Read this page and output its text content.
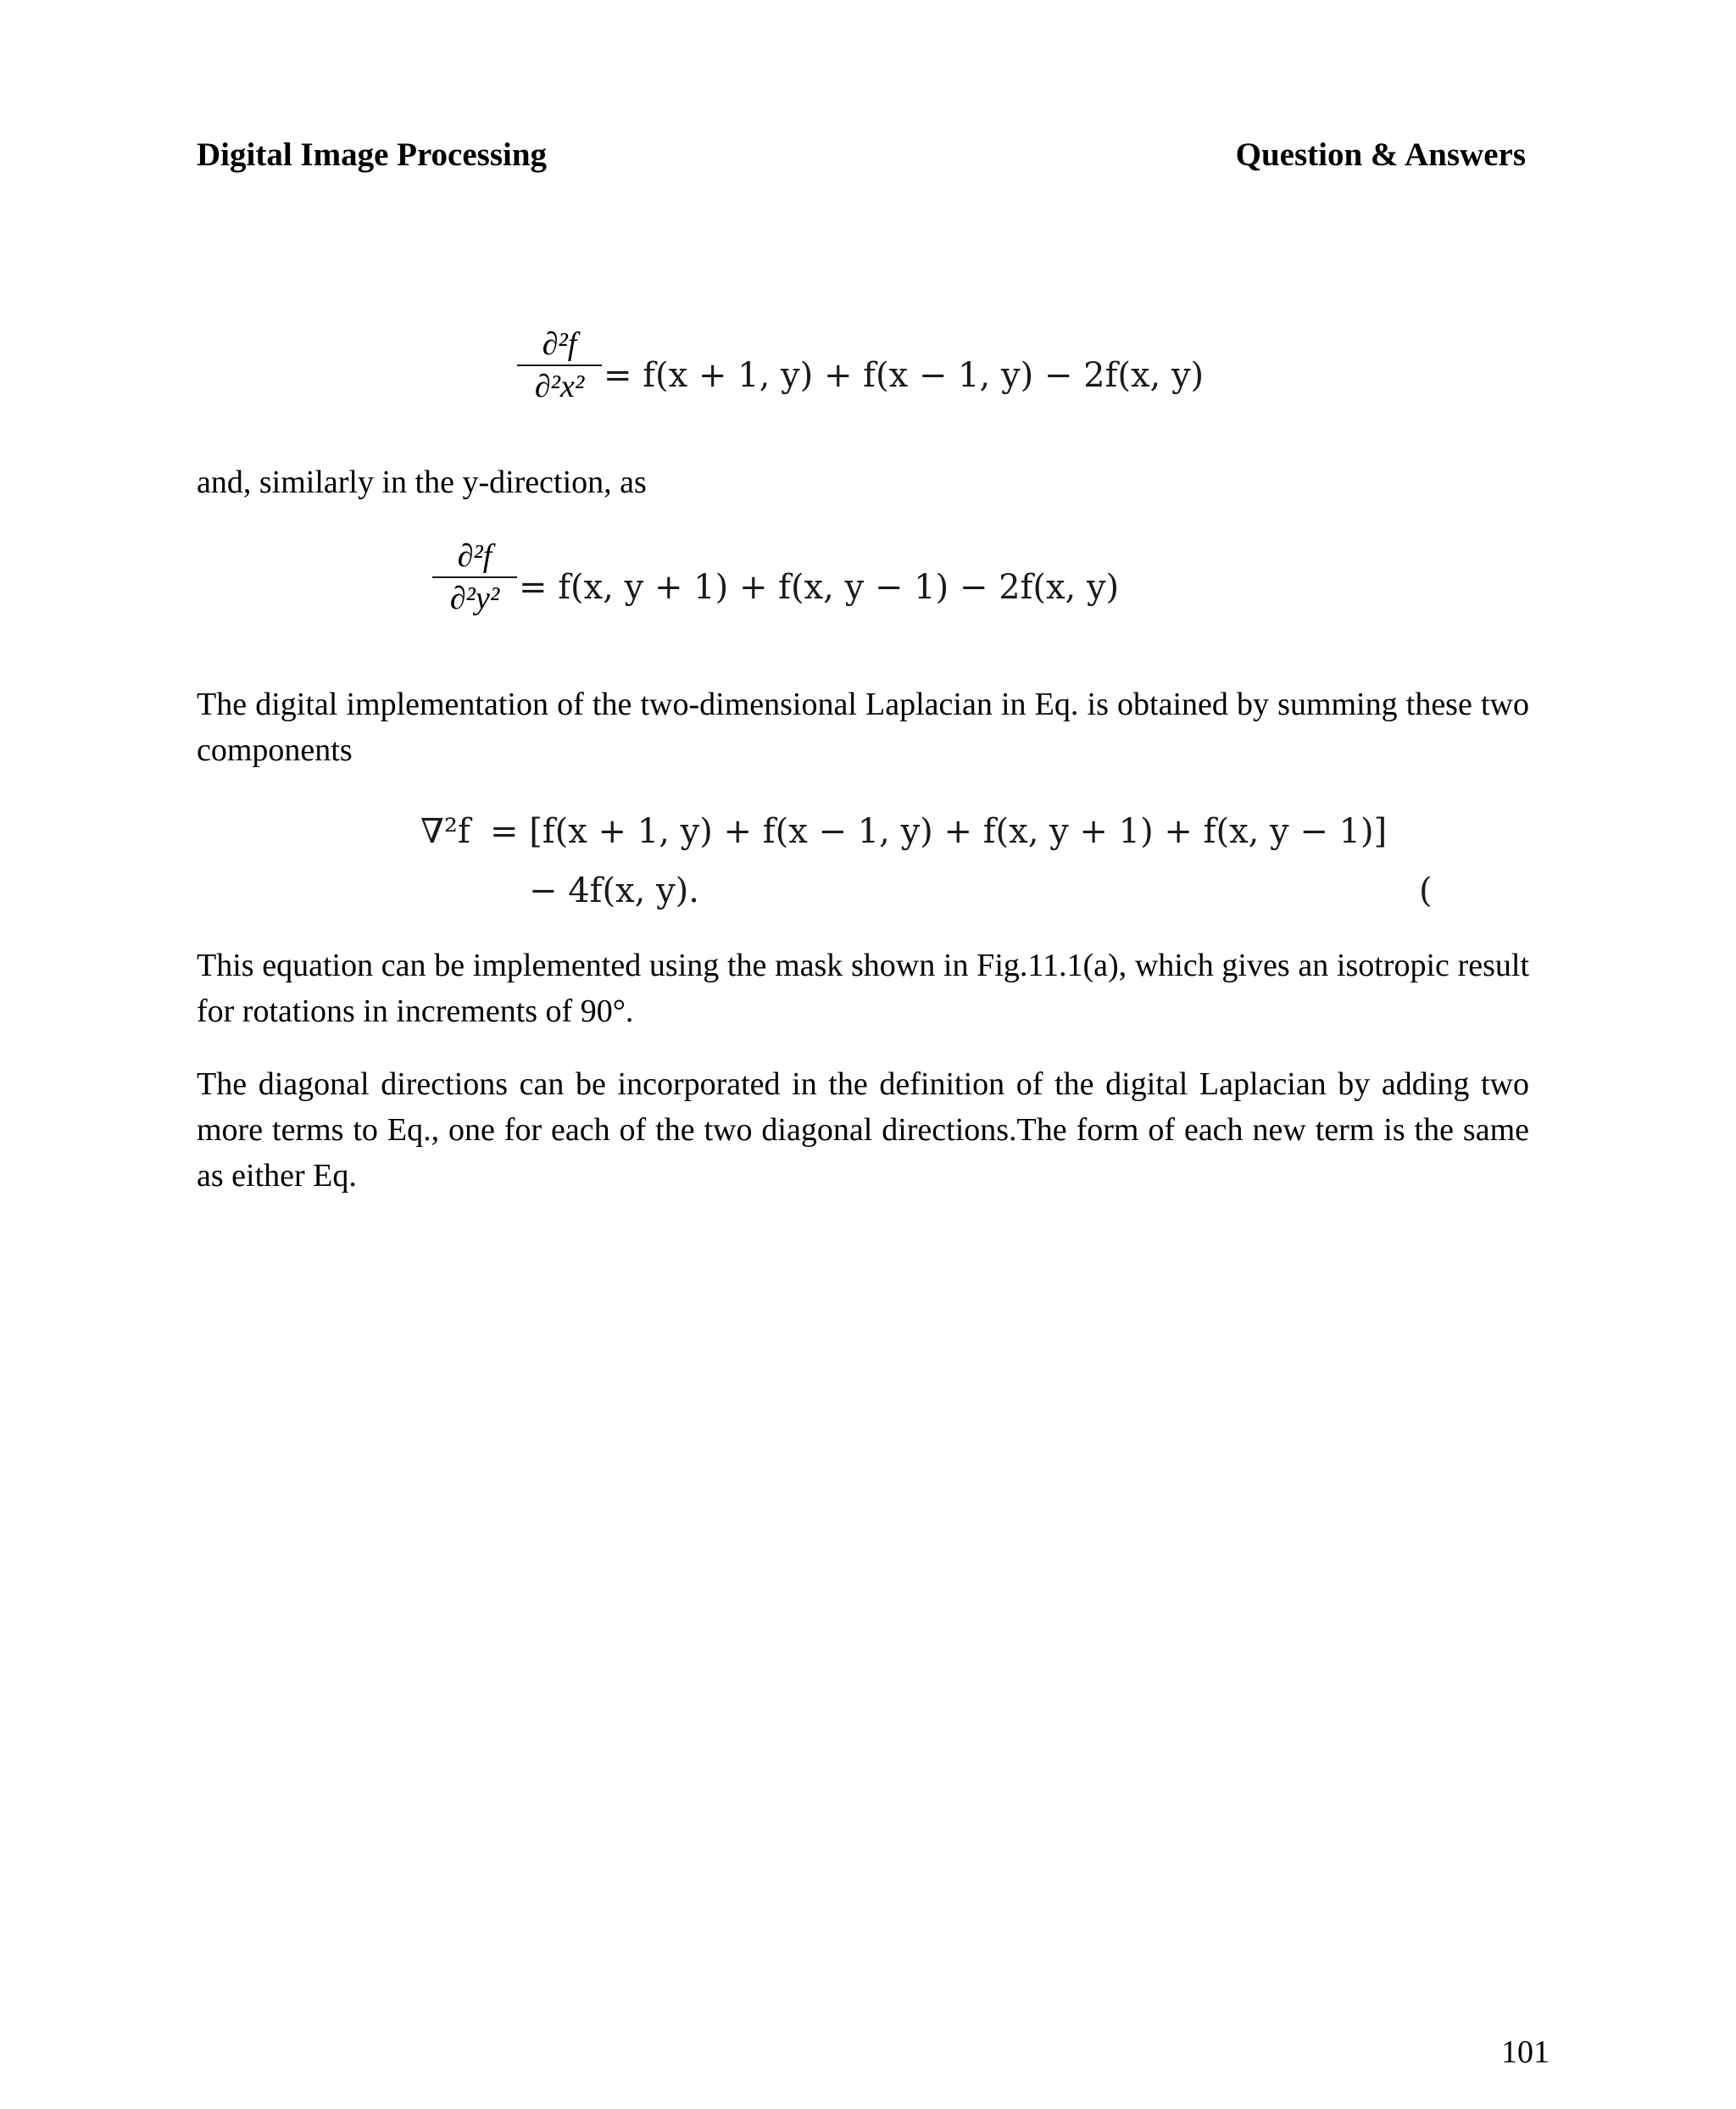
Digital Image Processing	Question & Answers
$\frac{\text{∂²f}}{\text{∂²x²}} = f(x + 1$, y) + f(x − 1, y) − 2f(x, y)
and, similarly in the y-direction, as
$\frac{\text{∂²f}}{\text{∂²y²}} = f(x$, y + 1) + f(x, y − 1) − 2f(x, y)
The digital implementation of the two-dimensional Laplacian in Eq. is obtained by summing these two components
∇²f = [f(x + 1, y) + f(x − 1, y) + f(x, y + 1) + f(x, y − 1)]
− 4f(x, y).	(
This equation can be implemented using the mask shown in Fig.11.1(a), which gives an isotropic result for rotations in increments of 90°.
The diagonal directions can be incorporated in the definition of the digital Laplacian by adding two more terms to Eq., one for each of the two diagonal directions.The form of each new term is the same as either Eq.
101
